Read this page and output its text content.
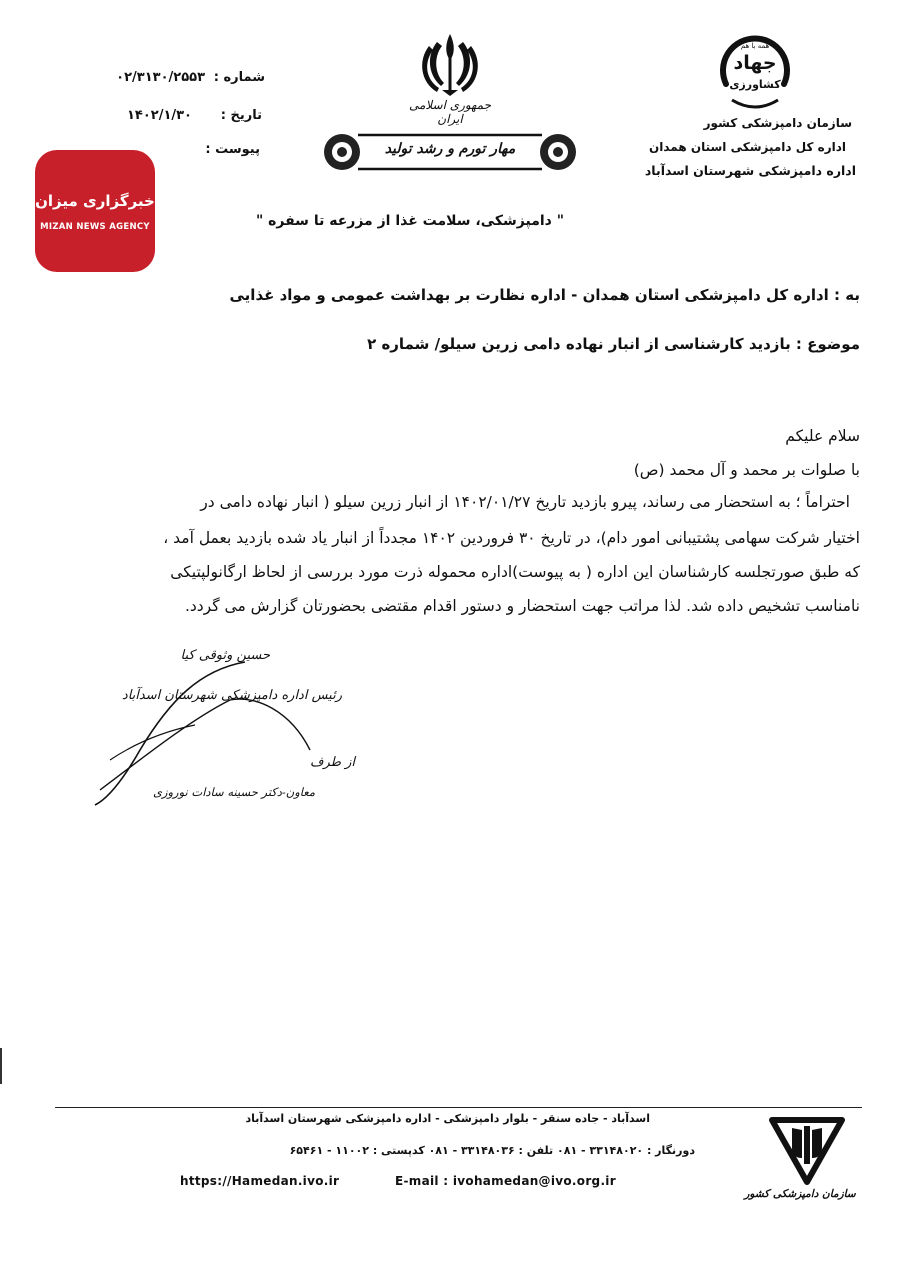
شماره :
۰۲/۳۱۳۰/۲۵۵۳
تاریخ :
۱۴۰۲/۱/۳۰
پیوست :
جمهوری اسلامی ایران
مهار تورم و رشد تولید
همه با هم
جهاد
کشاورزی
سازمان دامپزشکی کشور
اداره کل دامپزشکی استان همدان
اداره دامپزشکی شهرستان اسدآباد
خبرگزاری میزان
MIZAN NEWS AGENCY	" دامپزشکی، سلامت غذا از مزرعه تا سفره "
به : اداره کل دامپزشکی استان همدان - اداره نظارت بر بهداشت عمومی و مواد غذایی
موضوع : بازدید کارشناسی از انبار نهاده دامی زرین سیلو/ شماره ۲
سلام علیکم
با صلوات بر محمد و آل محمد (ص)
احتراماً ؛ به استحضار می رساند، پیرو بازدید تاریخ ۱۴۰۲/۰۱/۲۷ از انبار زرین سیلو ( انبار نهاده دامی در
اختیار شرکت سهامی پشتیبانی امور دام)، در تاریخ ۳۰ فروردین ۱۴۰۲ مجدداً از انبار یاد شده بازدید بعمل آمد ،
که طبق صورتجلسه کارشناسان این اداره ( به پیوست)اداره محموله ذرت مورد بررسی از لحاظ ارگانولپتیکی
نامناسب تشخیص داده شد. لذا مراتب جهت استحضار و دستور اقدام مقتضی بحضورتان گزارش می گردد.
حسین وثوقی کیا
رئیس اداره دامپزشکی شهرستان اسدآباد
از طرف
معاون-دکتر حسینه سادات نوروزی
اسدآباد - جاده سنقر - بلوار دامپزشکی - اداره دامپزشکی شهرستان اسدآباد
دورنگار : ۳۳۱۴۸۰۲۰ - ۰۸۱ تلفن : ۳۳۱۴۸۰۳۶ - ۰۸۱ کدپستی : ۱۱۰۰۲ - ۶۵۴۶۱
https://Hamedan.ivo.ir	E-mail : ivohamedan@ivo.org.ir
سازمان دامپزشکی کشور
